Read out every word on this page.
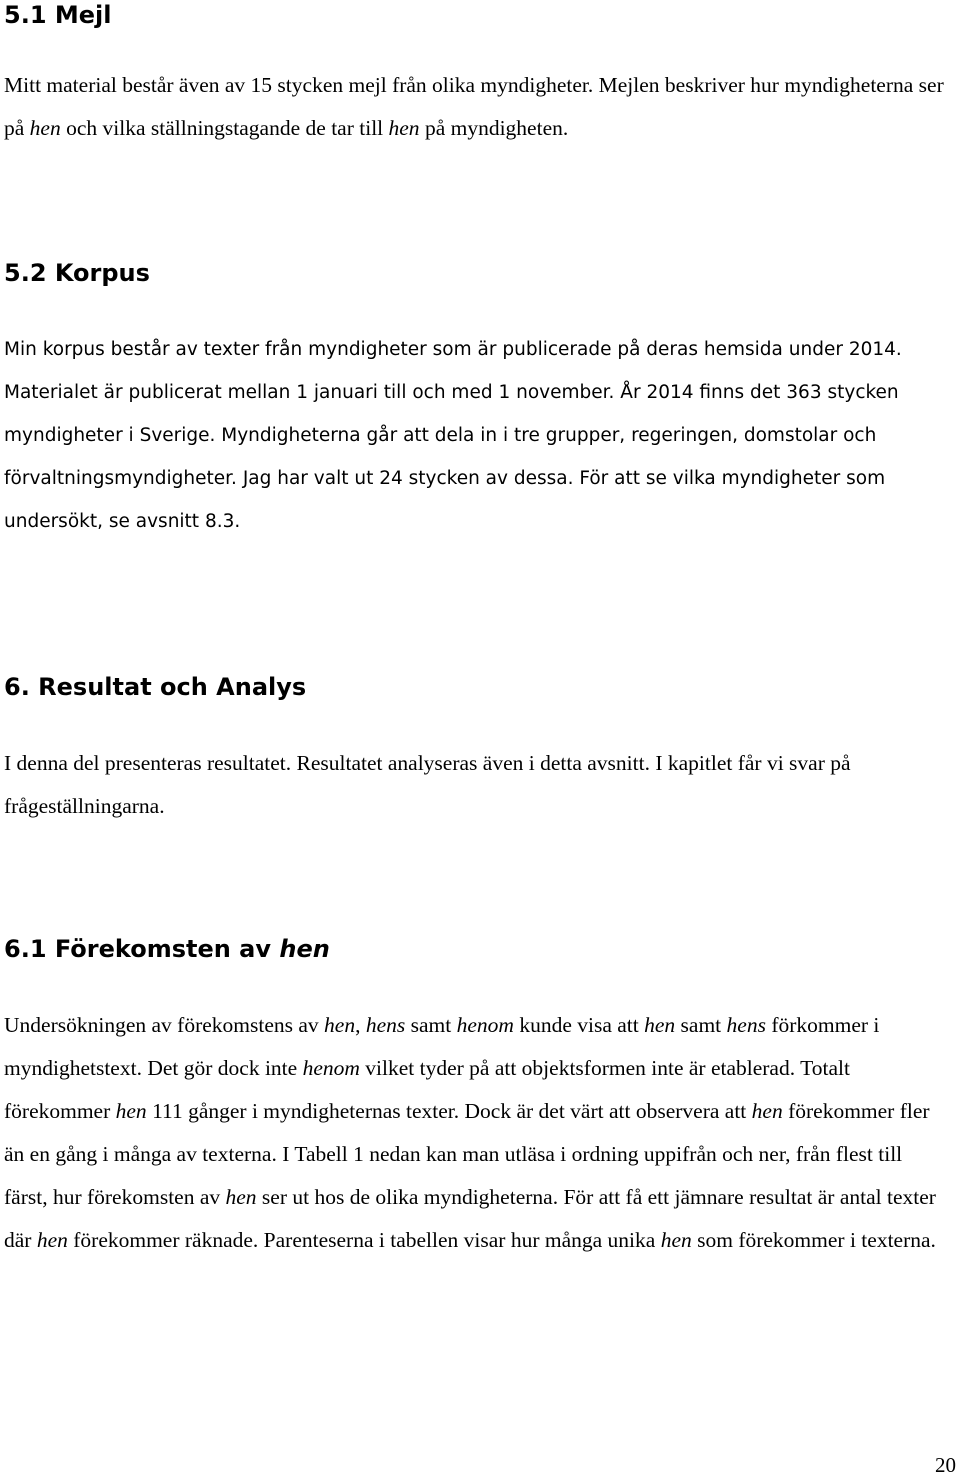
5.1 Mejl

Mitt material består även av 15 stycken mejl från olika myndigheter. Mejlen beskriver hur myndigheterna ser på hen och vilka ställningstagande de tar till hen på myndigheten.

5.2 Korpus

Min korpus består av texter från myndigheter som är publicerade på deras hemsida under 2014. Materialet är publicerat mellan 1 januari till och med 1 november. År 2014 finns det 363 stycken myndigheter i Sverige. Myndigheterna går att dela in i tre grupper, regeringen, domstolar och förvaltningsmyndigheter. Jag har valt ut 24 stycken av dessa. För att se vilka myndigheter som undersökt, se avsnitt 8.3.

6. Resultat och Analys

I denna del presenteras resultatet. Resultatet analyseras även i detta avsnitt. I kapitlet får vi svar på frågeställningarna.

6.1 Förekomsten av hen

Undersökningen av förekomstens av hen, hens samt henom kunde visa att hen samt hens förkommer i myndighetstext. Det gör dock inte henom vilket tyder på att objektsformen inte är etablerad. Totalt förekommer hen 111 gånger i myndigheternas texter. Dock är det värt att observera att hen förekommer fler än en gång i många av texterna. I Tabell 1 nedan kan man utläsa i ordning uppifrån och ner, från flest till färst, hur förekomsten av hen ser ut hos de olika myndigheterna. För att få ett jämnare resultat är antal texter där hen förekommer räknade. Parenteserna i tabellen visar hur många unika hen som förekommer i texterna.

20
